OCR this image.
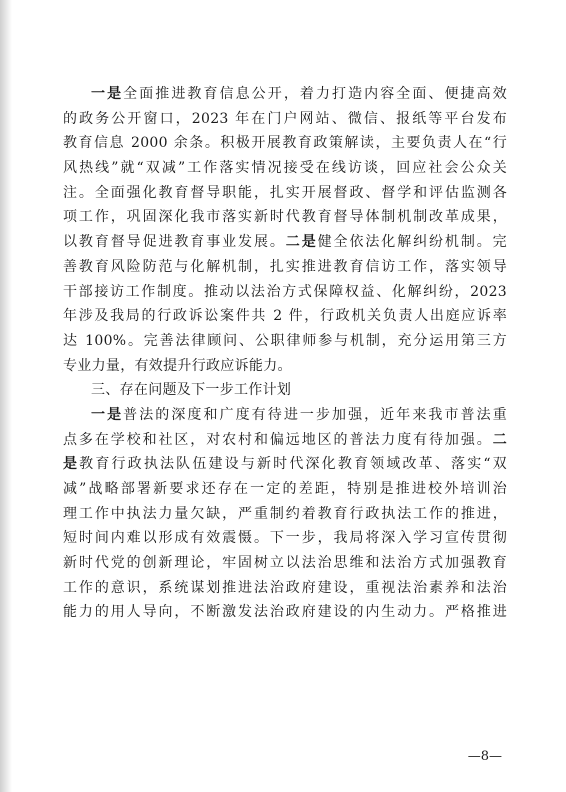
一是全面推进教育信息公开，着力打造内容全面、便捷高效
的政务公开窗口，2023 年在门户网站、微信、报纸等平台发布
教育信息 2000 余条。积极开展教育政策解读，主要负责人在“行
风热线”就“双减”工作落实情况接受在线访谈，回应社会公众关
注。全面强化教育督导职能，扎实开展督政、督学和评估监测各
项工作，巩固深化我市落实新时代教育督导体制机制改革成果，
以教育督导促进教育事业发展。二是健全依法化解纠纷机制。完
善教育风险防范与化解机制，扎实推进教育信访工作，落实领导
干部接访工作制度。推动以法治方式保障权益、化解纠纷，2023
年涉及我局的行政诉讼案件共 2 件，行政机关负责人出庭应诉率
达 100%。完善法律顾问、公职律师参与机制，充分运用第三方
专业力量，有效提升行政应诉能力。
三、存在问题及下一步工作计划
一是普法的深度和广度有待进一步加强，近年来我市普法重
点多在学校和社区，对农村和偏远地区的普法力度有待加强。二
是教育行政执法队伍建设与新时代深化教育领域改革、落实“双
减”战略部署新要求还存在一定的差距，特别是推进校外培训治
理工作中执法力量欠缺，严重制约着教育行政执法工作的推进，
短时间内难以形成有效震慑。下一步，我局将深入学习宣传贯彻
新时代党的创新理论，牢固树立以法治思维和法治方式加强教育
工作的意识，系统谋划推进法治政府建设，重视法治素养和法治
能力的用人导向，不断激发法治政府建设的内生动力。严格推进
—8—
